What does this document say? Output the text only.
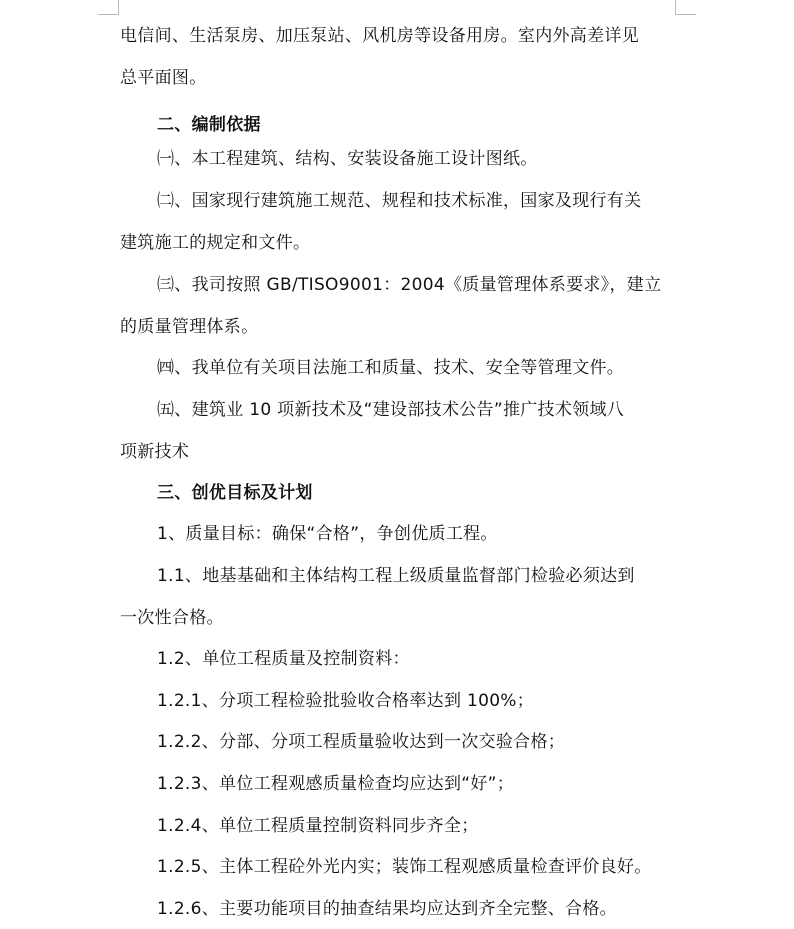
电信间、生活泵房、加压泵站、风机房等设备用房。室内外高差详见
总平面图。
二、编制依据
㈠、本工程建筑、结构、安装设备施工设计图纸。
㈡、国家现行建筑施工规范、规程和技术标准，国家及现行有关
建筑施工的规定和文件。
㈢、我司按照 GB/TISO9001：2004《质量管理体系要求》，建立
的质量管理体系。
㈣、我单位有关项目法施工和质量、技术、安全等管理文件。
㈤、建筑业 10 项新技术及“建设部技术公告”推广技术领域八
项新技术
三、创优目标及计划
1、质量目标：确保“合格”，争创优质工程。
1.1、地基基础和主体结构工程上级质量监督部门检验必须达到
一次性合格。
1.2、单位工程质量及控制资料：
1.2.1、分项工程检验批验收合格率达到 100%；
1.2.2、分部、分项工程质量验收达到一次交验合格；
1.2.3、单位工程观感质量检查均应达到“好”；
1.2.4、单位工程质量控制资料同步齐全；
1.2.5、主体工程砼外光内实；装饰工程观感质量检查评价良好。
1.2.6、主要功能项目的抽查结果均应达到齐全完整、合格。
